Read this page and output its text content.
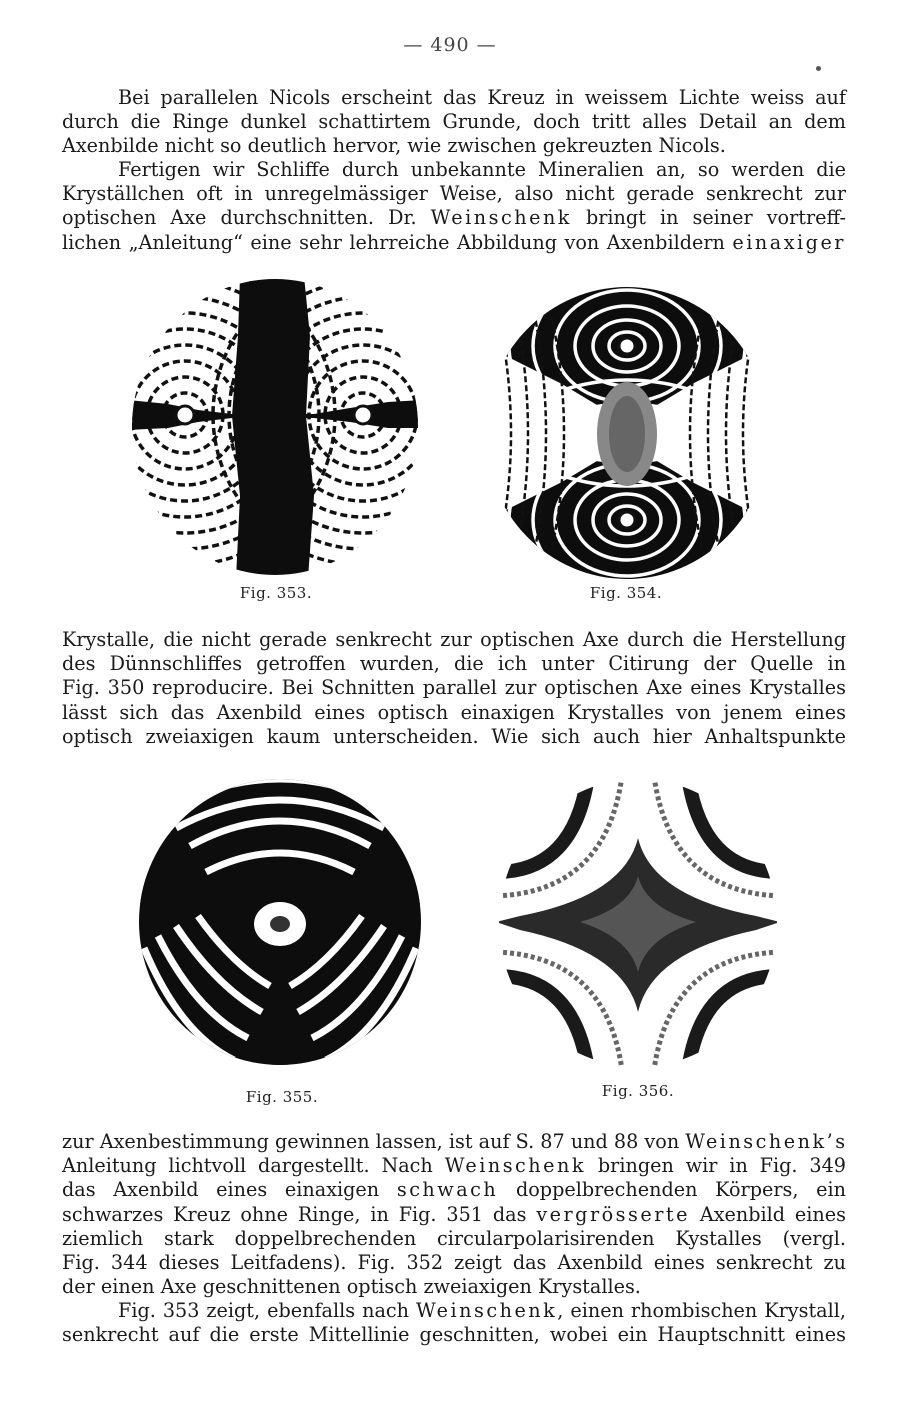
— 490 —

Bei parallelen Nicols erscheint das Kreuz in weissem Lichte weiss auf
durch die Ringe dunkel schattirtem Grunde, doch tritt alles Detail an dem
Axenbilde nicht so deutlich hervor, wie zwischen gekreuzten Nicols.

Fertigen wir Schliffe durch unbekannte Mineralien an, so werden die
Kryställchen oft in unregelmässiger Weise, also nicht gerade senkrecht zur
optischen Axe durchschnitten. Dr. Weinschenk bringt in seiner vortreff-
lichen „Anleitung“ eine sehr lehrreiche Abbildung von Axenbildern einaxiger

Fig. 353.	Fig. 354.

Krystalle, die nicht gerade senkrecht zur optischen Axe durch die Herstellung
des Dünnschliffes getroffen wurden, die ich unter Citirung der Quelle in
Fig. 350 reproducire. Bei Schnitten parallel zur optischen Axe eines Krystalles
lässt sich das Axenbild eines optisch einaxigen Krystalles von jenem eines
optisch zweiaxigen kaum unterscheiden. Wie sich auch hier Anhaltspunkte

Fig. 355.	Fig. 356.

zur Axenbestimmung gewinnen lassen, ist auf S. 87 und 88 von Weinschenk’s
Anleitung lichtvoll dargestellt. Nach Weinschenk bringen wir in Fig. 349
das Axenbild eines einaxigen schwach doppelbrechenden Körpers, ein
schwarzes Kreuz ohne Ringe, in Fig. 351 das vergrösserte Axenbild eines
ziemlich stark doppelbrechenden circularpolarisirenden Kystalles (vergl.
Fig. 344 dieses Leitfadens). Fig. 352 zeigt das Axenbild eines senkrecht zu
der einen Axe geschnittenen optisch zweiaxigen Krystalles.

Fig. 353 zeigt, ebenfalls nach Weinschenk, einen rhombischen Krystall,
senkrecht auf die erste Mittellinie geschnitten, wobei ein Hauptschnitt eines
